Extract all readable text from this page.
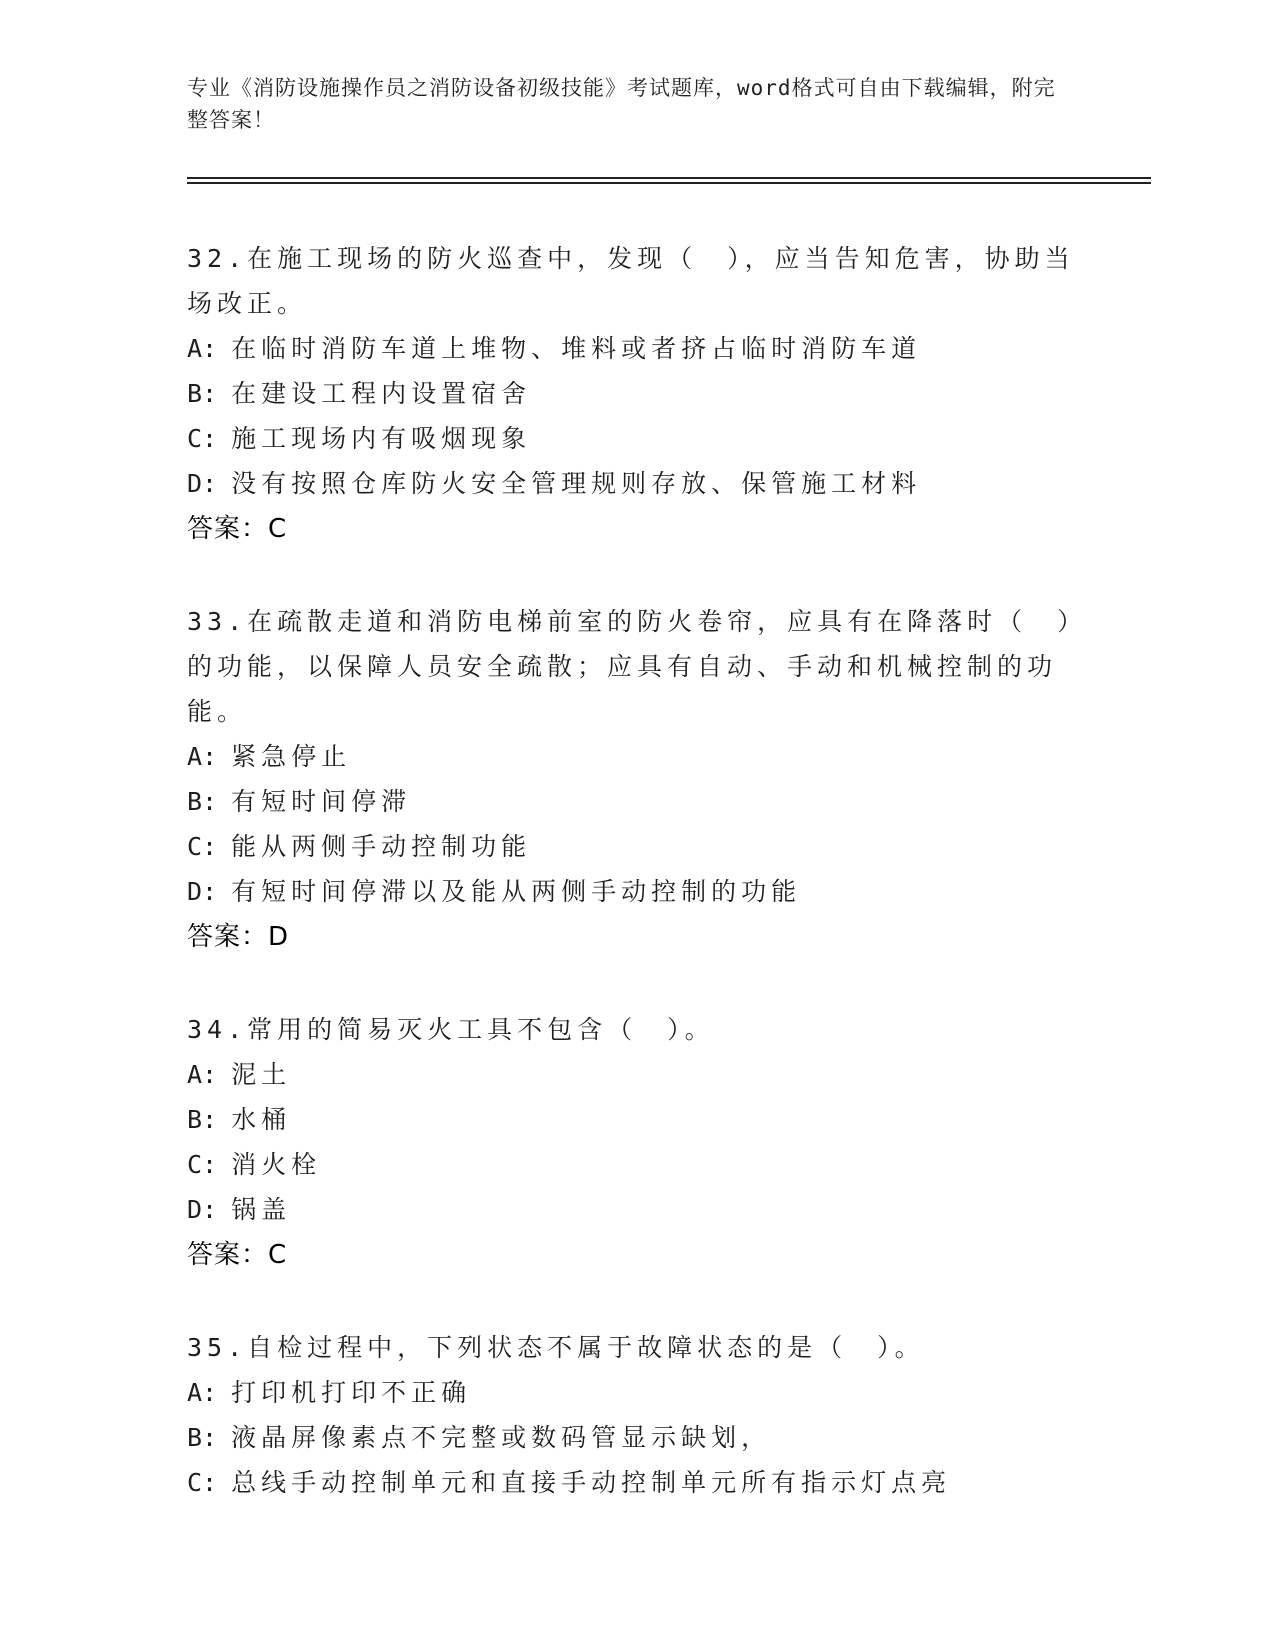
专业《消防设施操作员之消防设备初级技能》考试题库，word格式可自由下载编辑，附完整答案！
32.在施工现场的防火巡查中，发现（　），应当告知危害，协助当场改正。
A: 在临时消防车道上堆物、堆料或者挤占临时消防车道
B: 在建设工程内设置宿舍
C: 施工现场内有吸烟现象
D: 没有按照仓库防火安全管理规则存放、保管施工材料
答案：C
33.在疏散走道和消防电梯前室的防火卷帘，应具有在降落时（　）的功能，以保障人员安全疏散；应具有自动、手动和机械控制的功能。
A: 紧急停止
B: 有短时间停滞
C: 能从两侧手动控制功能
D: 有短时间停滞以及能从两侧手动控制的功能
答案：D
34.常用的简易灭火工具不包含（　）。
A: 泥土
B: 水桶
C: 消火栓
D: 锅盖
答案：C
35.自检过程中，下列状态不属于故障状态的是（　）。
A: 打印机打印不正确
B: 液晶屏像素点不完整或数码管显示缺划，
C: 总线手动控制单元和直接手动控制单元所有指示灯点亮
